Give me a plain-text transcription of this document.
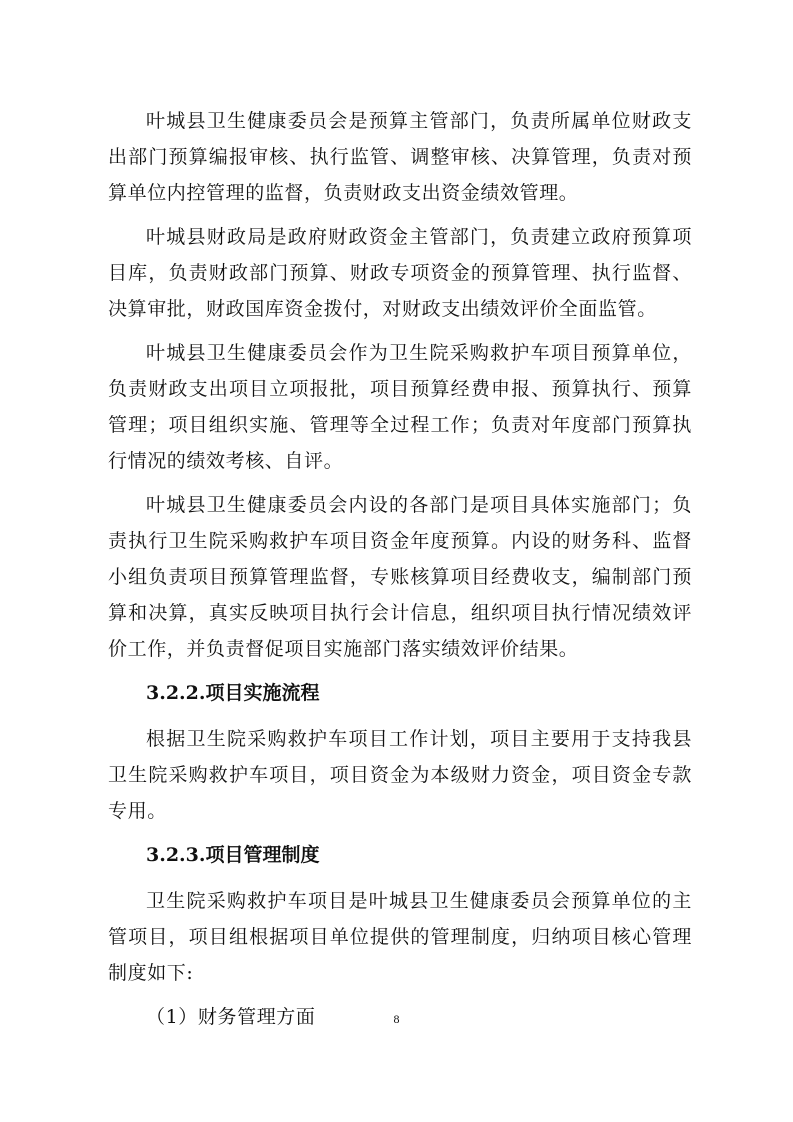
叶城县卫生健康委员会是预算主管部门，负责所属单位财政支出部门预算编报审核、执行监管、调整审核、决算管理，负责对预算单位内控管理的监督，负责财政支出资金绩效管理。

叶城县财政局是政府财政资金主管部门，负责建立政府预算项目库，负责财政部门预算、财政专项资金的预算管理、执行监督、决算审批，财政国库资金拨付，对财政支出绩效评价全面监管。

叶城县卫生健康委员会作为卫生院采购救护车项目预算单位，负责财政支出项目立项报批，项目预算经费申报、预算执行、预算管理；项目组织实施、管理等全过程工作；负责对年度部门预算执行情况的绩效考核、自评。

叶城县卫生健康委员会内设的各部门是项目具体实施部门；负责执行卫生院采购救护车项目资金年度预算。内设的财务科、监督小组负责项目预算管理监督，专账核算项目经费收支，编制部门预算和决算，真实反映项目执行会计信息，组织项目执行情况绩效评价工作，并负责督促项目实施部门落实绩效评价结果。

3.2.2.项目实施流程

根据卫生院采购救护车项目工作计划，项目主要用于支持我县卫生院采购救护车项目，项目资金为本级财力资金，项目资金专款专用。

3.2.3.项目管理制度

卫生院采购救护车项目是叶城县卫生健康委员会预算单位的主管项目，项目组根据项目单位提供的管理制度，归纳项目核心管理制度如下:

（1）财务管理方面	8
